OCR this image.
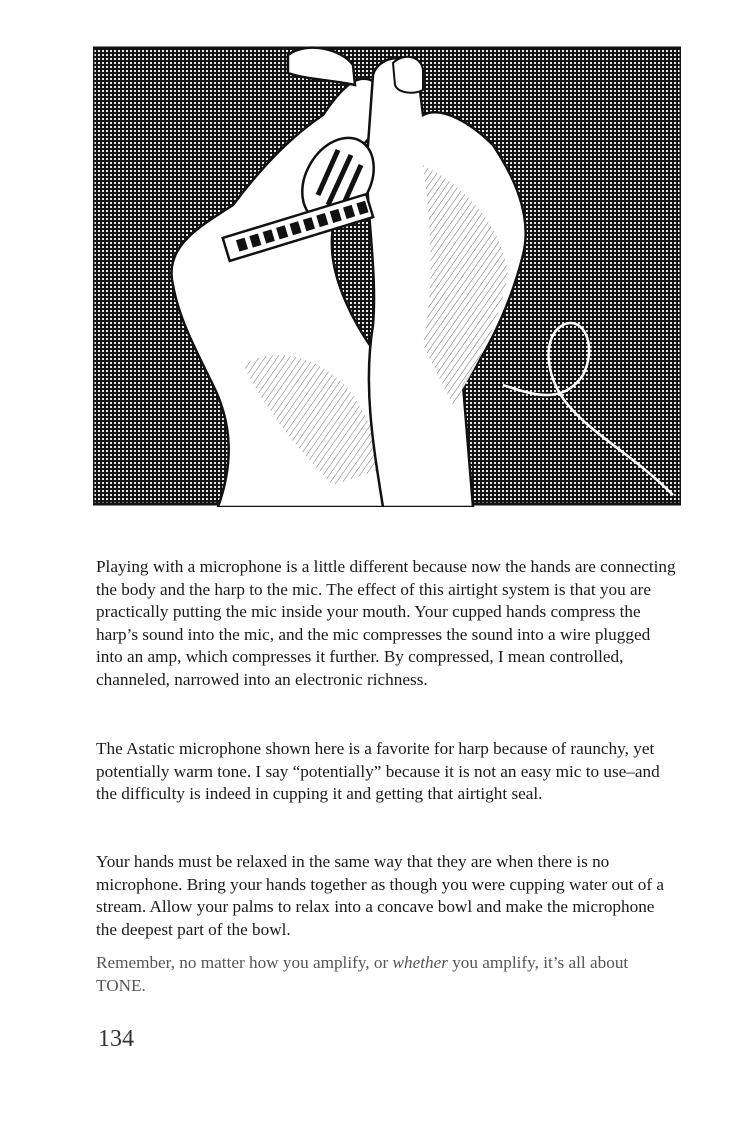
Playing with a microphone is a little different because now the hands are connecting the body and the harp to the mic. The effect of this airtight system is that you are practically putting the mic inside your mouth. Your cupped hands compress the harp’s sound into the mic, and the mic compresses the sound into a wire plugged into an amp, which compresses it further. By compressed, I mean controlled, channeled, narrowed into an electronic richness.

The Astatic microphone shown here is a favorite for harp because of raunchy, yet potentially warm tone. I say “potentially” because it is not an easy mic to use–and the difficulty is indeed in cupping it and getting that airtight seal.

Your hands must be relaxed in the same way that they are when there is no microphone. Bring your hands together as though you were cupping water out of a stream. Allow your palms to relax into a concave bowl and make the microphone the deepest part of the bowl.

Remember, no matter how you amplify, or whether you amplify, it’s all about TONE.

134
